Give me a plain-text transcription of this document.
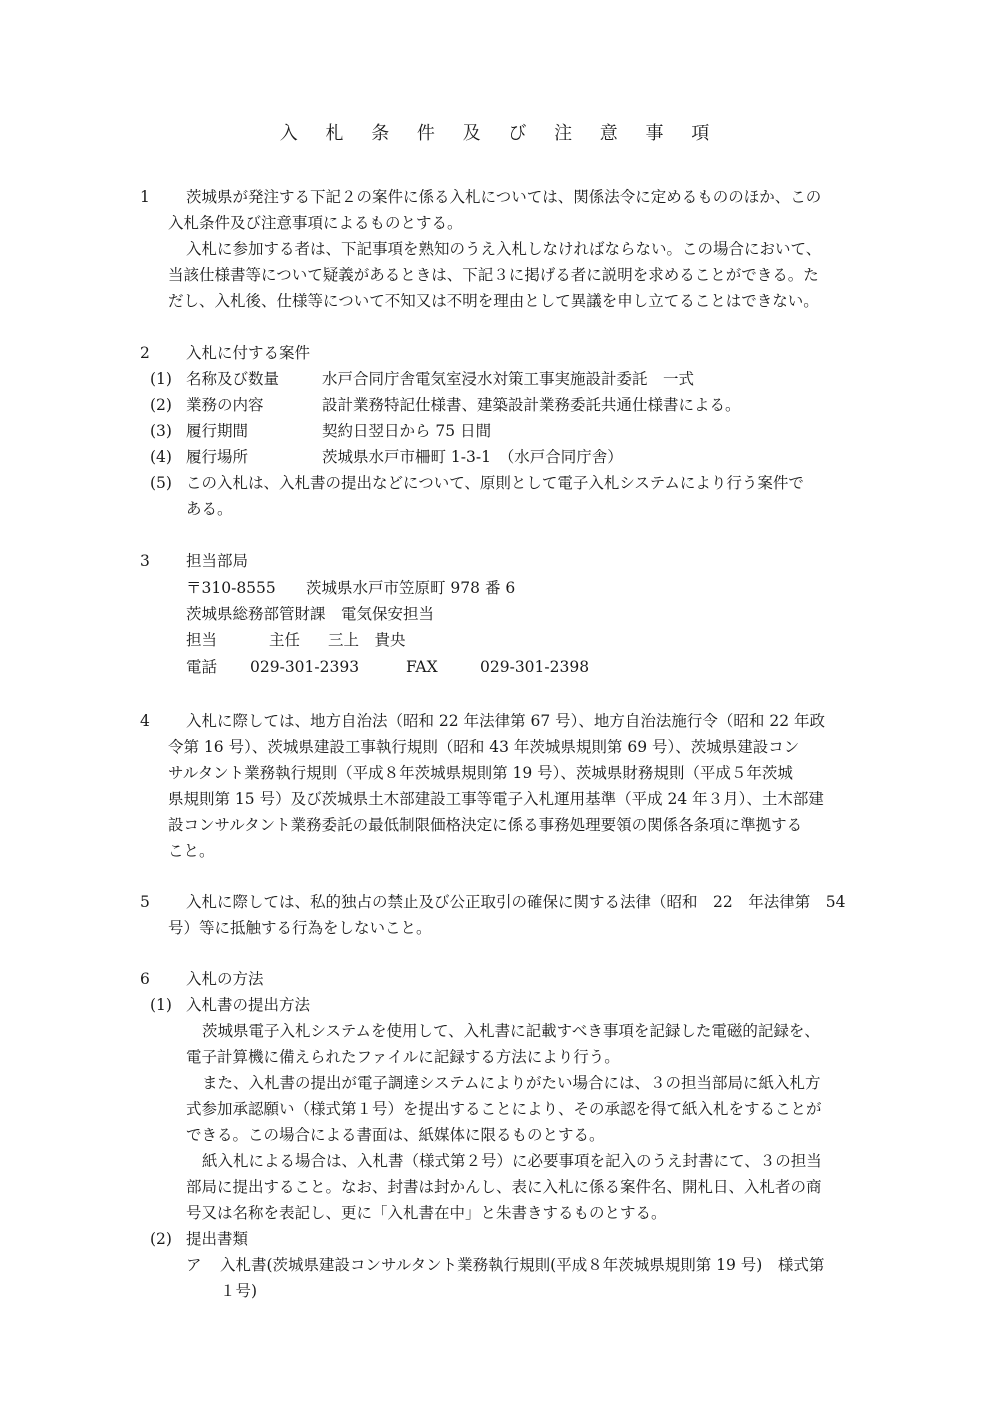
入 札 条 件 及 び 注 意 事 項
1 茨城県が発注する下記２の案件に係る入札については、関係法令に定めるもののほか、この
入札条件及び注意事項によるものとする。
入札に参加する者は、下記事項を熟知のうえ入札しなければならない。この場合において、
当該仕様書等について疑義があるときは、下記３に掲げる者に説明を求めることができる。た
だし、入札後、仕様等について不知又は不明を理由として異議を申し立てることはできない。
2 入札に付する案件
(1) 名称及び数量	水戸合同庁舎電気室浸水対策工事実施設計委託　一式
(2) 業務の内容	設計業務特記仕様書、建築設計業務委託共通仕様書による。
(3) 履行期間	契約日翌日から 75 日間
(4) 履行場所	茨城県水戸市柵町 1-3-1　（水戸合同庁舎）
(5) この入札は、入札書の提出などについて、原則として電子入札システムにより行う案件で
ある。
3 担当部局
〒310-8555 茨城県水戸市笠原町 978 番 6
茨城県総務部管財課　電気保安担当
担当	主任 三上　貴央
電話 029-301-2393	FAX	029-301-2398
4 入札に際しては、地方自治法（昭和 22 年法律第 67 号）、地方自治法施行令（昭和 22 年政
令第 16 号）、茨城県建設工事執行規則（昭和 43 年茨城県規則第 69 号）、茨城県建設コン
サルタント業務執行規則（平成８年茨城県規則第 19 号）、茨城県財務規則（平成５年茨城
県規則第 15 号）及び茨城県土木部建設工事等電子入札運用基準（平成 24 年３月）、土木部建
設コンサルタント業務委託の最低制限価格決定に係る事務処理要領の関係各条項に準拠する
こと。
5 入札に際しては、私的独占の禁止及び公正取引の確保に関する法律（昭和　22　年法律第　54
号）等に抵触する行為をしないこと。
6 入札の方法
(1) 入札書の提出方法
茨城県電子入札システムを使用して、入札書に記載すべき事項を記録した電磁的記録を、
電子計算機に備えられたファイルに記録する方法により行う。
また、入札書の提出が電子調達システムによりがたい場合には、３の担当部局に紙入札方
式参加承認願い（様式第１号）を提出することにより、その承認を得て紙入札をすることが
できる。この場合による書面は、紙媒体に限るものとする。
紙入札による場合は、入札書（様式第２号）に必要事項を記入のうえ封書にて、３の担当
部局に提出すること。なお、封書は封かんし、表に入札に係る案件名、開札日、入札者の商
号又は名称を表記し、更に「入札書在中」と朱書きするものとする。
(2) 提出書類
ア 入札書(茨城県建設コンサルタント業務執行規則(平成８年茨城県規則第 19 号)　様式第
１号)
